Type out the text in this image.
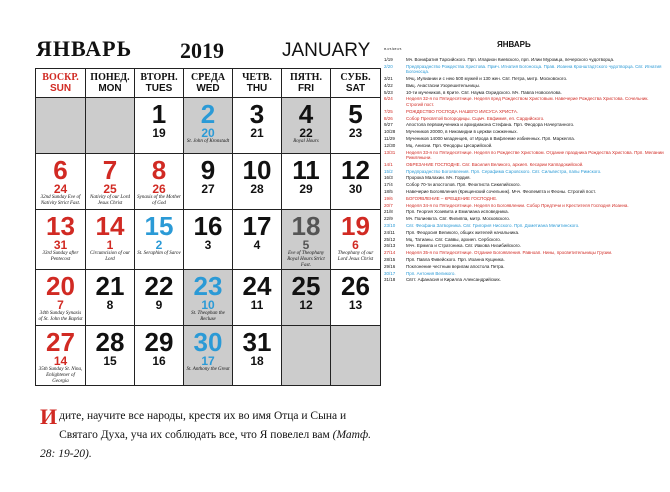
ЯНВАРЬ 2019	JANUARY
ВОСКР.
SUN	ПОНЕД.
MON	ВТОРН.
TUES	СРЕДА
WED	ЧЕТВ.
THU	ПЯТН.
FRI	СУББ.
SAT

		1
19	2
20
St. John of Kronstadt	3
21	4
22
Royal Hours	5
23

6
24
32nd Sunday Eve of Nativity Strict Fast.	7
25
Nativity of our Lord Jesus Christ	8
26
Synaxis of the Mother of God	9
27	10
28	11
29	12
30

13
31
33rd Sunday after Pentecost	14
1
Circumcision of our Lord	15
2
St. Seraphim of Sarov	16
3	17
4	18
5
Eve of Theophany Royal Hours Strict Fast.	19
6
Theophany of our Lord Jesus Christ

20
7
34th Sunday Synaxis of St. John the Baptist	21
8	22
9	23
10
St. Theophan the Recluse	24
11	25
12	26
13

27
14
35th Sunday St. Nina, Enlightener of Georgia	28
15	29
16	30
17
St. Anthony the Great	31
18		

Идите, научите все народы, крестя их во имя Отца и Сына и Святаго Духа, уча их соблюдать все, что Я повелел вам (Матф. 28: 19-20).
н.ст./ст.ст.	ЯНВАРЬ
1/19	Мч. Вонифатия Тарсийского. Прп. Иларион Киевского, прп. Илии Муромца, печерского чудотворца.
2/20	Предпразднство Рождества Христова. Прмч. Игнатия Богоносца. Прав. Иоанна Кронштадтского чудотворца. Свт. Игнатия Богоносца.
3/21	Мчц. Иулиании и с нею 500 мужей и 130 жен. Свт. Петра, митр. Московского.
4/22	Вмц. Анастасии Узорешительницы.
5/23	10-ти мучеников, в Крите. Свт. Наума Охридского. Мч. Павла Новоселова.
6/24	Неделя 32-я по Пятидесятнице. Неделя пред Рождеством Христовым. Навечерие Рождества Христова. Сочельник. Строгий пост.
7/25	РОЖДЕСТВО ГОСПОДА НАШЕГО ИИСУСА ХРИСТА.
8/26	Собор Пресвятой Богородицы. Сщмч. Евфимия, еп. Сардийского.
9/27	Апостола первомученика и архидиакона Стефана. Прп. Феодора Начертанного.
10/28	Мучеников 20000, в Никомидии в церкви сожженных.
11/29	Мучеников 14000 младенцев, от Ирода в Вифлееме избиенных. Прп. Маркелла.
12/30	Мц. Анисии. Прп. Феодоры Цесарийской.
13/31	Неделя 33-я по Пятидесятнице. Неделя по Рождестве Христовом. Отдание праздника Рождества Христова. Прп. Мелании Римляныни.
14/1	ОБРЕЗАНИЕ ГОСПОДНЕ. Свт. Василия Великого, архиеп. Кесарии Каппадокийской.
15/2	Предпразднство Богоявления. Прп. Серафима Саровского. Свт. Сильвестра, папы Римского.
16/3	Пророка Малахии. Мч. Гордия.
17/4	Собор 70-ти апостолов. Прп. Феоктиста Сикилийского.
18/5	Навечерие Богоявления (Крещенский сочельник). Мчч. Феопемпта и Феоны. Строгий пост.
19/6	БОГОЯВЛЕНИЕ – КРЕЩЕНИЕ ГОСПОДНЕ.
20/7	Неделя 34-я по Пятидесятнице. Неделя по Богоявлении. Собор Предтечи и Крестителя Господня Иоанна.
21/8	Прп. Георгия Хозевита и Емилиана исповедника.
22/9	Мч. Полиевкта. Свт. Филиппа, митр. Московского.
23/10	Свт. Феофана Затворника. Свт. Григория Нисского. Прп. Дометиана Мелитинского.
24/11	Прп. Феодосия Великого, общих жителей начальника.
25/12	Мц. Татианы. Свт. Саввы, архиеп. Сербского.
26/13	Мчч. Ермила и Стратоника. Свт. Иакова Низибийского.
27/14	Неделя 35-я по Пятидесятнице. Отдание Богоявления. Равноап. Нины, просветительницы Грузии.
28/15	Прп. Павла Фивейского. Прп. Иоанна Кущника.
29/16	Поклонение честным веригам апостола Петра.
30/17	Прп. Антония Великого.
31/18	Свтт. Афанасия и Кирилла Александрийских.
